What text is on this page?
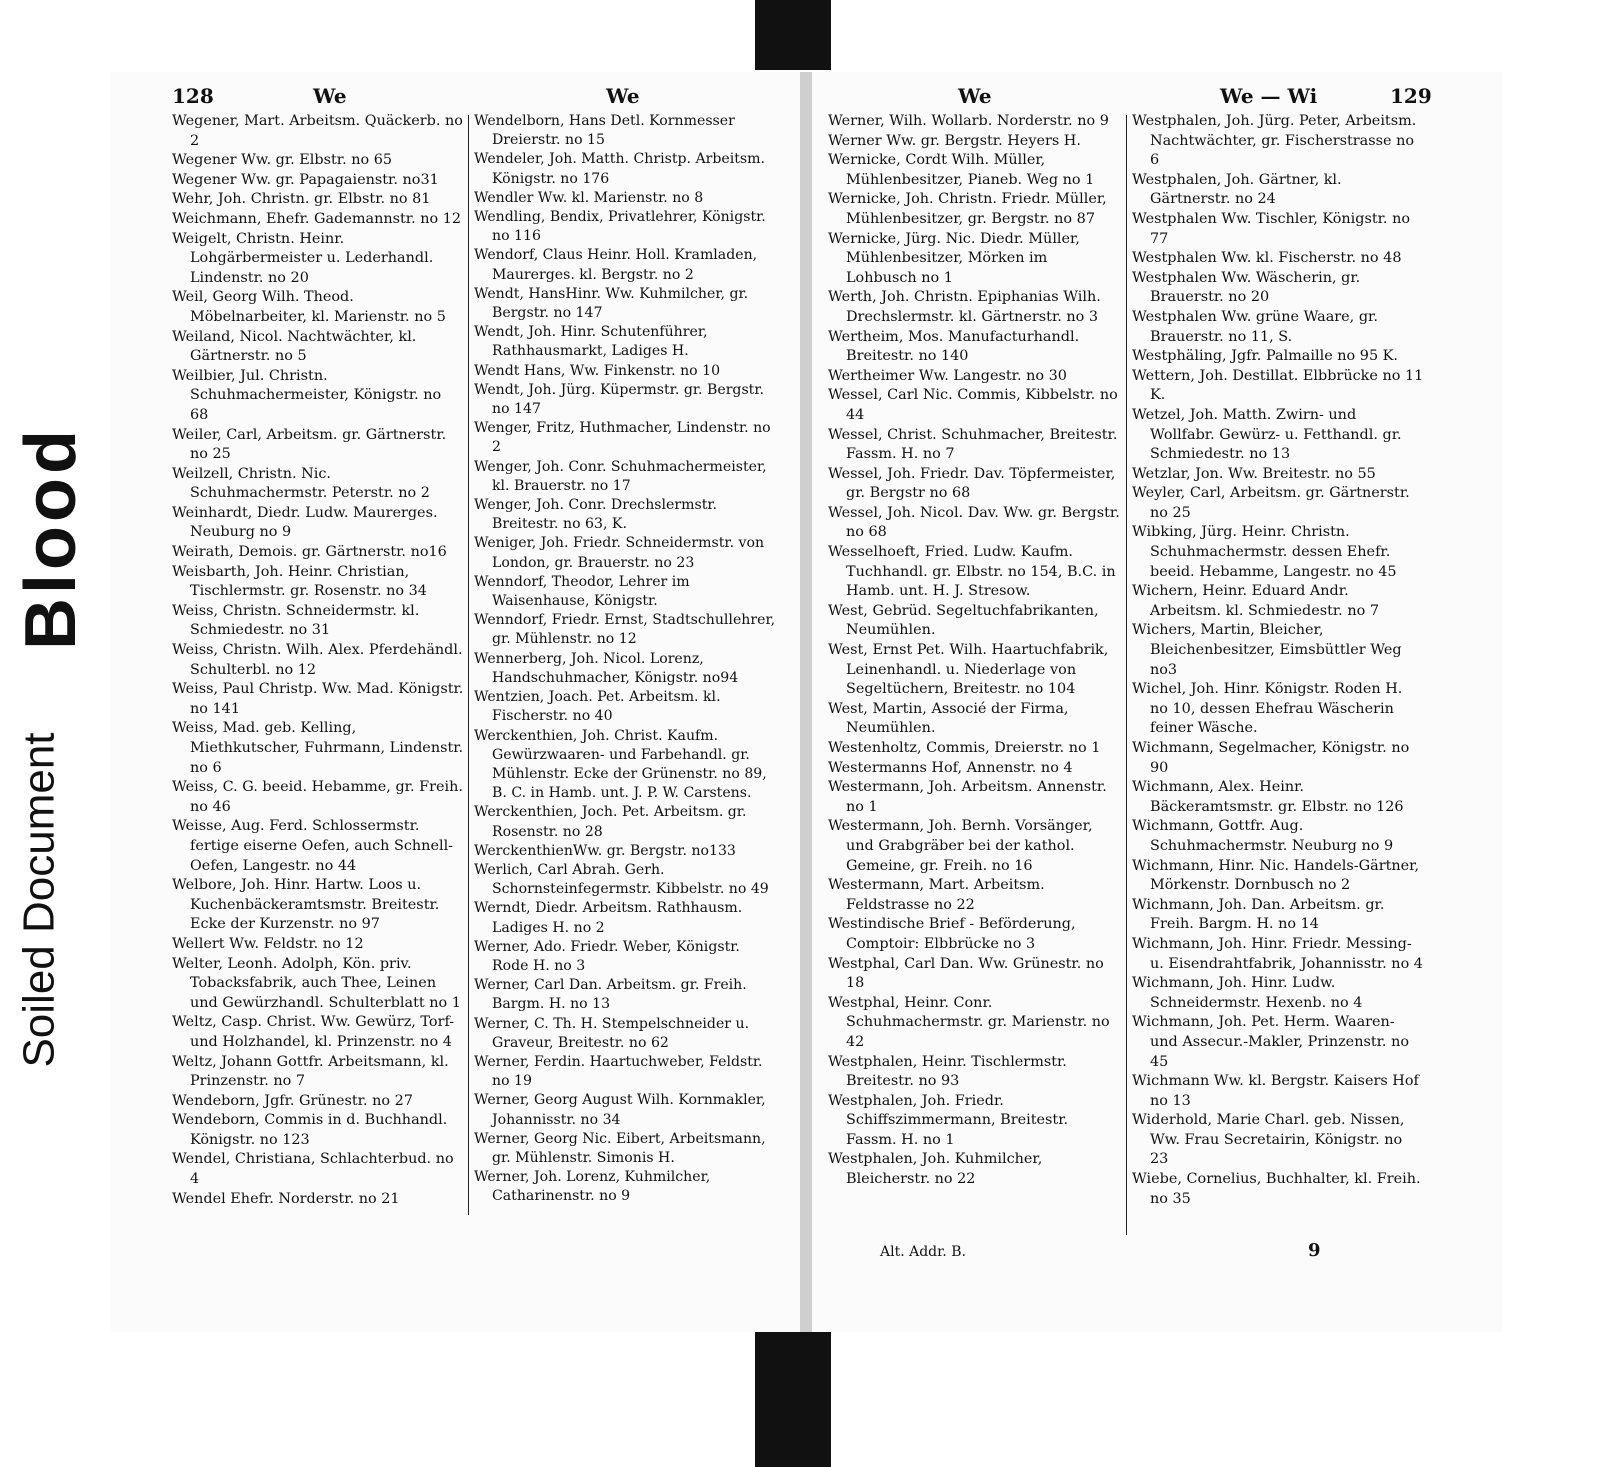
Blood
Soiled Document
128	We	We
Wegener, Mart. Arbeitsm. Quäckerb. no 2
Wegener Ww. gr. Elbstr. no 65
Wegener Ww. gr. Papagaienstr. no31
Wehr, Joh. Christn. gr. Elbstr. no 81
Weichmann, Ehefr. Gademannstr. no 12
Weigelt, Christn. Heinr. Lohgärbermeister u. Lederhandl. Lindenstr. no 20
Weil, Georg Wilh. Theod. Möbelnarbeiter, kl. Marienstr. no 5
Weiland, Nicol. Nachtwächter, kl. Gärtnerstr. no 5
Weilbier, Jul. Christn. Schuhmachermeister, Königstr. no 68
Weiler, Carl, Arbeitsm. gr. Gärtnerstr. no 25
Weilzell, Christn. Nic. Schuhmachermstr. Peterstr. no 2
Weinhardt, Diedr. Ludw. Maurerges. Neuburg no 9
Weirath, Demois. gr. Gärtnerstr. no16
Weisbarth, Joh. Heinr. Christian, Tischlermstr. gr. Rosenstr. no 34
Weiss, Christn. Schneidermstr. kl. Schmiedestr. no 31
Weiss, Christn. Wilh. Alex. Pferdehändl. Schulterbl. no 12
Weiss, Paul Christp. Ww. Mad. Königstr. no 141
Weiss, Mad. geb. Kelling, Miethkutscher, Fuhrmann, Lindenstr. no 6
Weiss, C. G. beeid. Hebamme, gr. Freih. no 46
Weisse, Aug. Ferd. Schlossermstr. fertige eiserne Oefen, auch Schnell-Oefen, Langestr. no 44
Welbore, Joh. Hinr. Hartw. Loos u. Kuchenbäckeramtsmstr. Breitestr. Ecke der Kurzenstr. no 97
Wellert Ww. Feldstr. no 12
Welter, Leonh. Adolph, Kön. priv. Tobacksfabrik, auch Thee, Leinen und Gewürzhandl. Schulterblatt no 1
Weltz, Casp. Christ. Ww. Gewürz, Torf- und Holzhandel, kl. Prinzenstr. no 4
Weltz, Johann Gottfr. Arbeitsmann, kl. Prinzenstr. no 7
Wendeborn, Jgfr. Grünestr. no 27
Wendeborn, Commis in d. Buchhandl. Königstr. no 123
Wendel, Christiana, Schlachterbud. no 4
Wendel Ehefr. Norderstr. no 21
Wendelborn, Hans Detl. Kornmesser Dreierstr. no 15
Wendeler, Joh. Matth. Christp. Arbeitsm. Königstr. no 176
Wendler Ww. kl. Marienstr. no 8
Wendling, Bendix, Privatlehrer, Königstr. no 116
Wendorf, Claus Heinr. Holl. Kramladen, Maurerges. kl. Bergstr. no 2
Wendt, HansHinr. Ww. Kuhmilcher, gr. Bergstr. no 147
Wendt, Joh. Hinr. Schutenführer, Rathhausmarkt, Ladiges H.
Wendt Hans, Ww. Finkenstr. no 10
Wendt, Joh. Jürg. Küpermstr. gr. Bergstr. no 147
Wenger, Fritz, Huthmacher, Lindenstr. no 2
Wenger, Joh. Conr. Schuhmachermeister, kl. Brauerstr. no 17
Wenger, Joh. Conr. Drechslermstr. Breitestr. no 63, K.
Weniger, Joh. Friedr. Schneidermstr. von London, gr. Brauerstr. no 23
Wenndorf, Theodor, Lehrer im Waisenhause, Königstr.
Wenndorf, Friedr. Ernst, Stadtschullehrer, gr. Mühlenstr. no 12
Wennerberg, Joh. Nicol. Lorenz, Handschuhmacher, Königstr. no94
Wentzien, Joach. Pet. Arbeitsm. kl. Fischerstr. no 40
Werckenthien, Joh. Christ. Kaufm. Gewürzwaaren- und Farbehandl. gr. Mühlenstr. Ecke der Grünenstr. no 89, B. C. in Hamb. unt. J. P. W. Carstens.
Werckenthien, Joch. Pet. Arbeitsm. gr. Rosenstr. no 28
WerckenthienWw. gr. Bergstr. no133
Werlich, Carl Abrah. Gerh. Schornsteinfegermstr. Kibbelstr. no 49
Werndt, Diedr. Arbeitsm. Rathhausm. Ladiges H. no 2
Werner, Ado. Friedr. Weber, Königstr. Rode H. no 3
Werner, Carl Dan. Arbeitsm. gr. Freih. Bargm. H. no 13
Werner, C. Th. H. Stempelschneider u. Graveur, Breitestr. no 62
Werner, Ferdin. Haartuchweber, Feldstr. no 19
Werner, Georg August Wilh. Kornmakler, Johannisstr. no 34
Werner, Georg Nic. Eibert, Arbeitsmann, gr. Mühlenstr. Simonis H.
Werner, Joh. Lorenz, Kuhmilcher, Catharinenstr. no 9
We	We — Wi	129
Werner, Wilh. Wollarb. Norderstr. no 9
Werner Ww. gr. Bergstr. Heyers H.
Wernicke, Cordt Wilh. Müller, Mühlenbesitzer, Pianeb. Weg no 1
Wernicke, Joh. Christn. Friedr. Müller, Mühlenbesitzer, gr. Bergstr. no 87
Wernicke, Jürg. Nic. Diedr. Müller, Mühlenbesitzer, Mörken im Lohbusch no 1
Werth, Joh. Christn. Epiphanias Wilh. Drechslermstr. kl. Gärtnerstr. no 3
Wertheim, Mos. Manufacturhandl. Breitestr. no 140
Wertheimer Ww. Langestr. no 30
Wessel, Carl Nic. Commis, Kibbelstr. no 44
Wessel, Christ. Schuhmacher, Breitestr. Fassm. H. no 7
Wessel, Joh. Friedr. Dav. Töpfermeister, gr. Bergstr no 68
Wessel, Joh. Nicol. Dav. Ww. gr. Bergstr. no 68
Wesselhoeft, Fried. Ludw. Kaufm. Tuchhandl. gr. Elbstr. no 154, B.C. in Hamb. unt. H. J. Stresow.
West, Gebrüd. Segeltuchfabrikanten, Neumühlen.
West, Ernst Pet. Wilh. Haartuchfabrik, Leinenhandl. u. Niederlage von Segeltüchern, Breitestr. no 104
West, Martin, Associé der Firma, Neumühlen.
Westenholtz, Commis, Dreierstr. no 1
Westermanns Hof, Annenstr. no 4
Westermann, Joh. Arbeitsm. Annenstr. no 1
Westermann, Joh. Bernh. Vorsänger, und Grabgräber bei der kathol. Gemeine, gr. Freih. no 16
Westermann, Mart. Arbeitsm. Feldstrasse no 22
Westindische Brief - Beförderung, Comptoir: Elbbrücke no 3
Westphal, Carl Dan. Ww. Grünestr. no 18
Westphal, Heinr. Conr. Schuhmachermstr. gr. Marienstr. no 42
Westphalen, Heinr. Tischlermstr. Breitestr. no 93
Westphalen, Joh. Friedr. Schiffszimmermann, Breitestr. Fassm. H. no 1
Westphalen, Joh. Kuhmilcher, Bleicherstr. no 22
Westphalen, Joh. Jürg. Peter, Arbeitsm. Nachtwächter, gr. Fischerstrasse no 6
Westphalen, Joh. Gärtner, kl. Gärtnerstr. no 24
Westphalen Ww. Tischler, Königstr. no 77
Westphalen Ww. kl. Fischerstr. no 48
Westphalen Ww. Wäscherin, gr. Brauerstr. no 20
Westphalen Ww. grüne Waare, gr. Brauerstr. no 11, S.
Westphäling, Jgfr. Palmaille no 95 K.
Wettern, Joh. Destillat. Elbbrücke no 11 K.
Wetzel, Joh. Matth. Zwirn- und Wollfabr. Gewürz- u. Fetthandl. gr. Schmiedestr. no 13
Wetzlar, Jon. Ww. Breitestr. no 55
Weyler, Carl, Arbeitsm. gr. Gärtnerstr. no 25
Wibking, Jürg. Heinr. Christn. Schuhmachermstr. dessen Ehefr. beeid. Hebamme, Langestr. no 45
Wichern, Heinr. Eduard Andr. Arbeitsm. kl. Schmiedestr. no 7
Wichers, Martin, Bleicher, Bleichenbesitzer, Eimsbüttler Weg no3
Wichel, Joh. Hinr. Königstr. Roden H. no 10, dessen Ehefrau Wäscherin feiner Wäsche.
Wichmann, Segelmacher, Königstr. no 90
Wichmann, Alex. Heinr. Bäckeramtsmstr. gr. Elbstr. no 126
Wichmann, Gottfr. Aug. Schuhmachermstr. Neuburg no 9
Wichmann, Hinr. Nic. Handels-Gärtner, Mörkenstr. Dornbusch no 2
Wichmann, Joh. Dan. Arbeitsm. gr. Freih. Bargm. H. no 14
Wichmann, Joh. Hinr. Friedr. Messing- u. Eisendrahtfabrik, Johannisstr. no 4
Wichmann, Joh. Hinr. Ludw. Schneidermstr. Hexenb. no 4
Wichmann, Joh. Pet. Herm. Waaren- und Assecur.-Makler, Prinzenstr. no 45
Wichmann Ww. kl. Bergstr. Kaisers Hof no 13
Widerhold, Marie Charl. geb. Nissen, Ww. Frau Secretairin, Königstr. no 23
Wiebe, Cornelius, Buchhalter, kl. Freih. no 35
Alt. Addr. B.	9
